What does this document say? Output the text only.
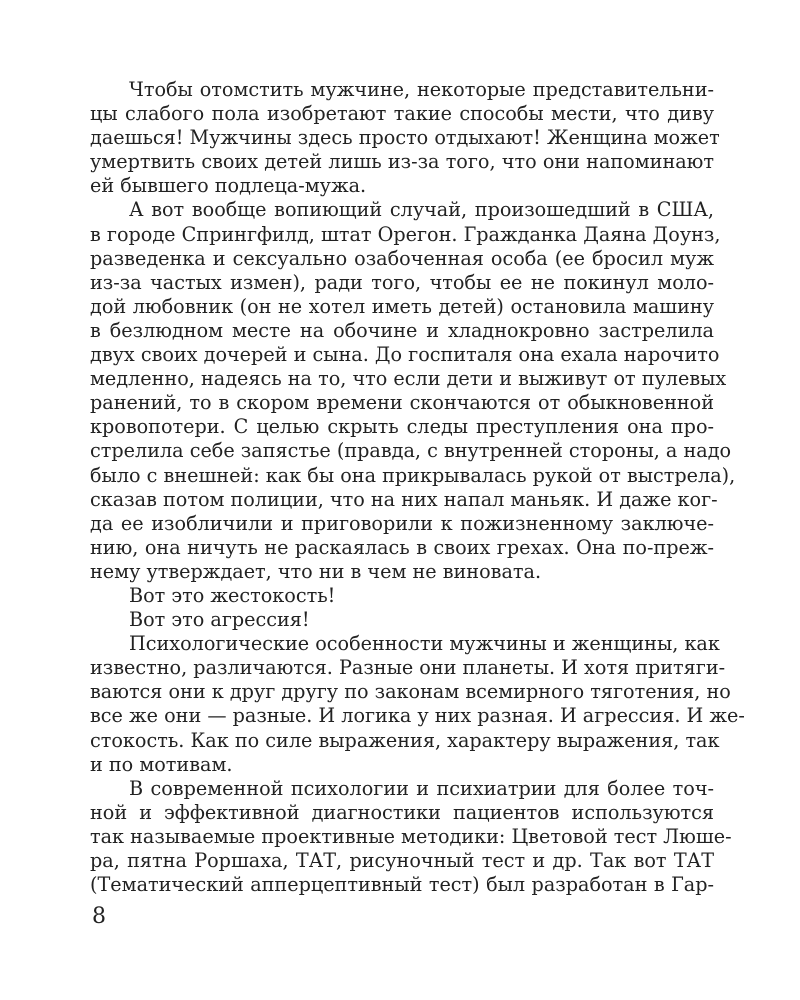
Чтобы отомстить мужчине, некоторые представительни-
цы слабого пола изобретают такие способы мести, что диву
даешься! Мужчины здесь просто отдыхают! Женщина может
умертвить своих детей лишь из-за того, что они напоминают
ей бывшего подлеца-мужа.
А вот вообще вопиющий случай, произошедший в США,
в городе Спрингфилд, штат Орегон. Гражданка Даяна Доунз,
разведенка и сексуально озабоченная особа (ее бросил муж
из-за частых измен), ради того, чтобы ее не покинул моло-
дой любовник (он не хотел иметь детей) остановила машину
в безлюдном месте на обочине и хладнокровно застрелила
двух своих дочерей и сына. До госпиталя она ехала нарочито
медленно, надеясь на то, что если дети и выживут от пулевых
ранений, то в скором времени скончаются от обыкновенной
кровопотери. С целью скрыть следы преступления она про-
стрелила себе запястье (правда, с внутренней стороны, а надо
было с внешней: как бы она прикрывалась рукой от выстрела),
сказав потом полиции, что на них напал маньяк. И даже ког-
да ее изобличили и приговорили к пожизненному заключе-
нию, она ничуть не раскаялась в своих грехах. Она по-преж-
нему утверждает, что ни в чем не виновата.
Вот это жестокость!
Вот это агрессия!
Психологические особенности мужчины и женщины, как
известно, различаются. Разные они планеты. И хотя притяги-
ваются они к друг другу по законам всемирного тяготения, но
все же они — разные. И логика у них разная. И агрессия. И же-
стокость. Как по силе выражения, характеру выражения, так
и по мотивам.
В современной психологии и психиатрии для более точ-
ной и эффективной диагностики пациентов используются
так называемые проективные методики: Цветовой тест Люше-
ра, пятна Роршаха, ТАТ, рисуночный тест и др. Так вот ТАТ
(Тематический апперцептивный тест) был разработан в Гар-
8
